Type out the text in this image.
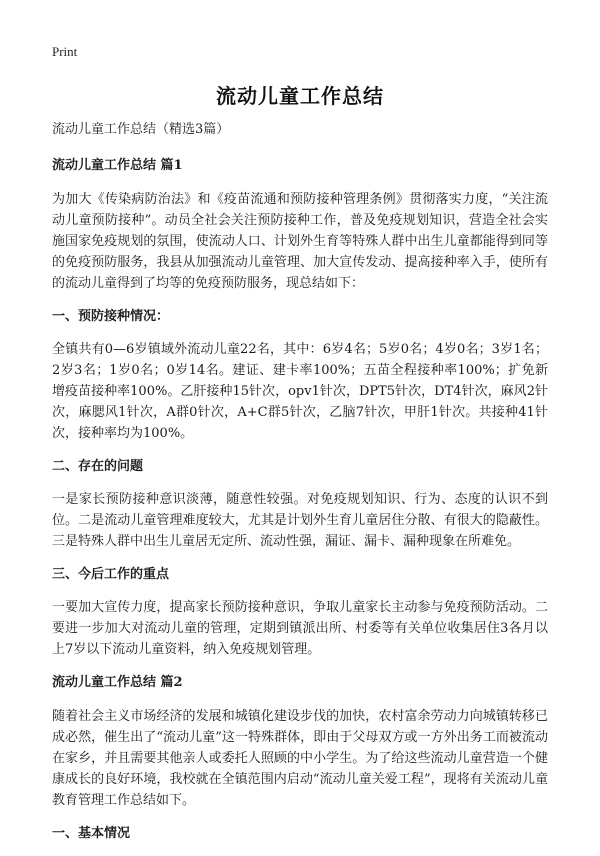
Print
流动儿童工作总结

流动儿童工作总结（精选3篇）

流动儿童工作总结 篇1

为加大《传染病防治法》和《疫苗流通和预防接种管理条例》贯彻落实力度，“关注流动儿童预防接种”。动员全社会关注预防接种工作，普及免疫规划知识，营造全社会实施国家免疫规划的氛围，使流动人口、计划外生育等特殊人群中出生儿童都能得到同等的免疫预防服务，我县从加强流动儿童管理、加大宣传发动、提高接种率入手，使所有的流动儿童得到了均等的免疫预防服务，现总结如下：

一、预防接种情况：

全镇共有0—6岁镇域外流动儿童22名，其中：6岁4名；5岁0名；4岁0名；3岁1名；2岁3名；1岁0名；0岁14名。建证、建卡率100%；五苗全程接种率100%；扩免新增疫苗接种率100%。乙肝接种15针次，opv1针次，DPT5针次，DT4针次，麻风2针次，麻腮风1针次，A群0针次，A+C群5针次，乙脑7针次，甲肝1针次。共接种41针次，接种率均为100%。

二、存在的问题

一是家长预防接种意识淡薄，随意性较强。对免疫规划知识、行为、态度的认识不到位。二是流动儿童管理难度较大，尤其是计划外生育儿童居住分散、有很大的隐蔽性。三是特殊人群中出生儿童居无定所、流动性强，漏证、漏卡、漏种现象在所难免。

三、今后工作的重点

一要加大宣传力度，提高家长预防接种意识，争取儿童家长主动参与免疫预防活动。二要进一步加大对流动儿童的管理，定期到镇派出所、村委等有关单位收集居住3各月以上7岁以下流动儿童资料，纳入免疫规划管理。

流动儿童工作总结 篇2

随着社会主义市场经济的发展和城镇化建设步伐的加快，农村富余劳动力向城镇转移已成必然，催生出了“流动儿童”这一特殊群体，即由于父母双方或一方外出务工而被流动在家乡，并且需要其他亲人或委托人照顾的中小学生。为了给这些流动儿童营造一个健康成长的良好环境，我校就在全镇范围内启动“流动儿童关爱工程”，现将有关流动儿童教育管理工作总结如下。

一、基本情况
